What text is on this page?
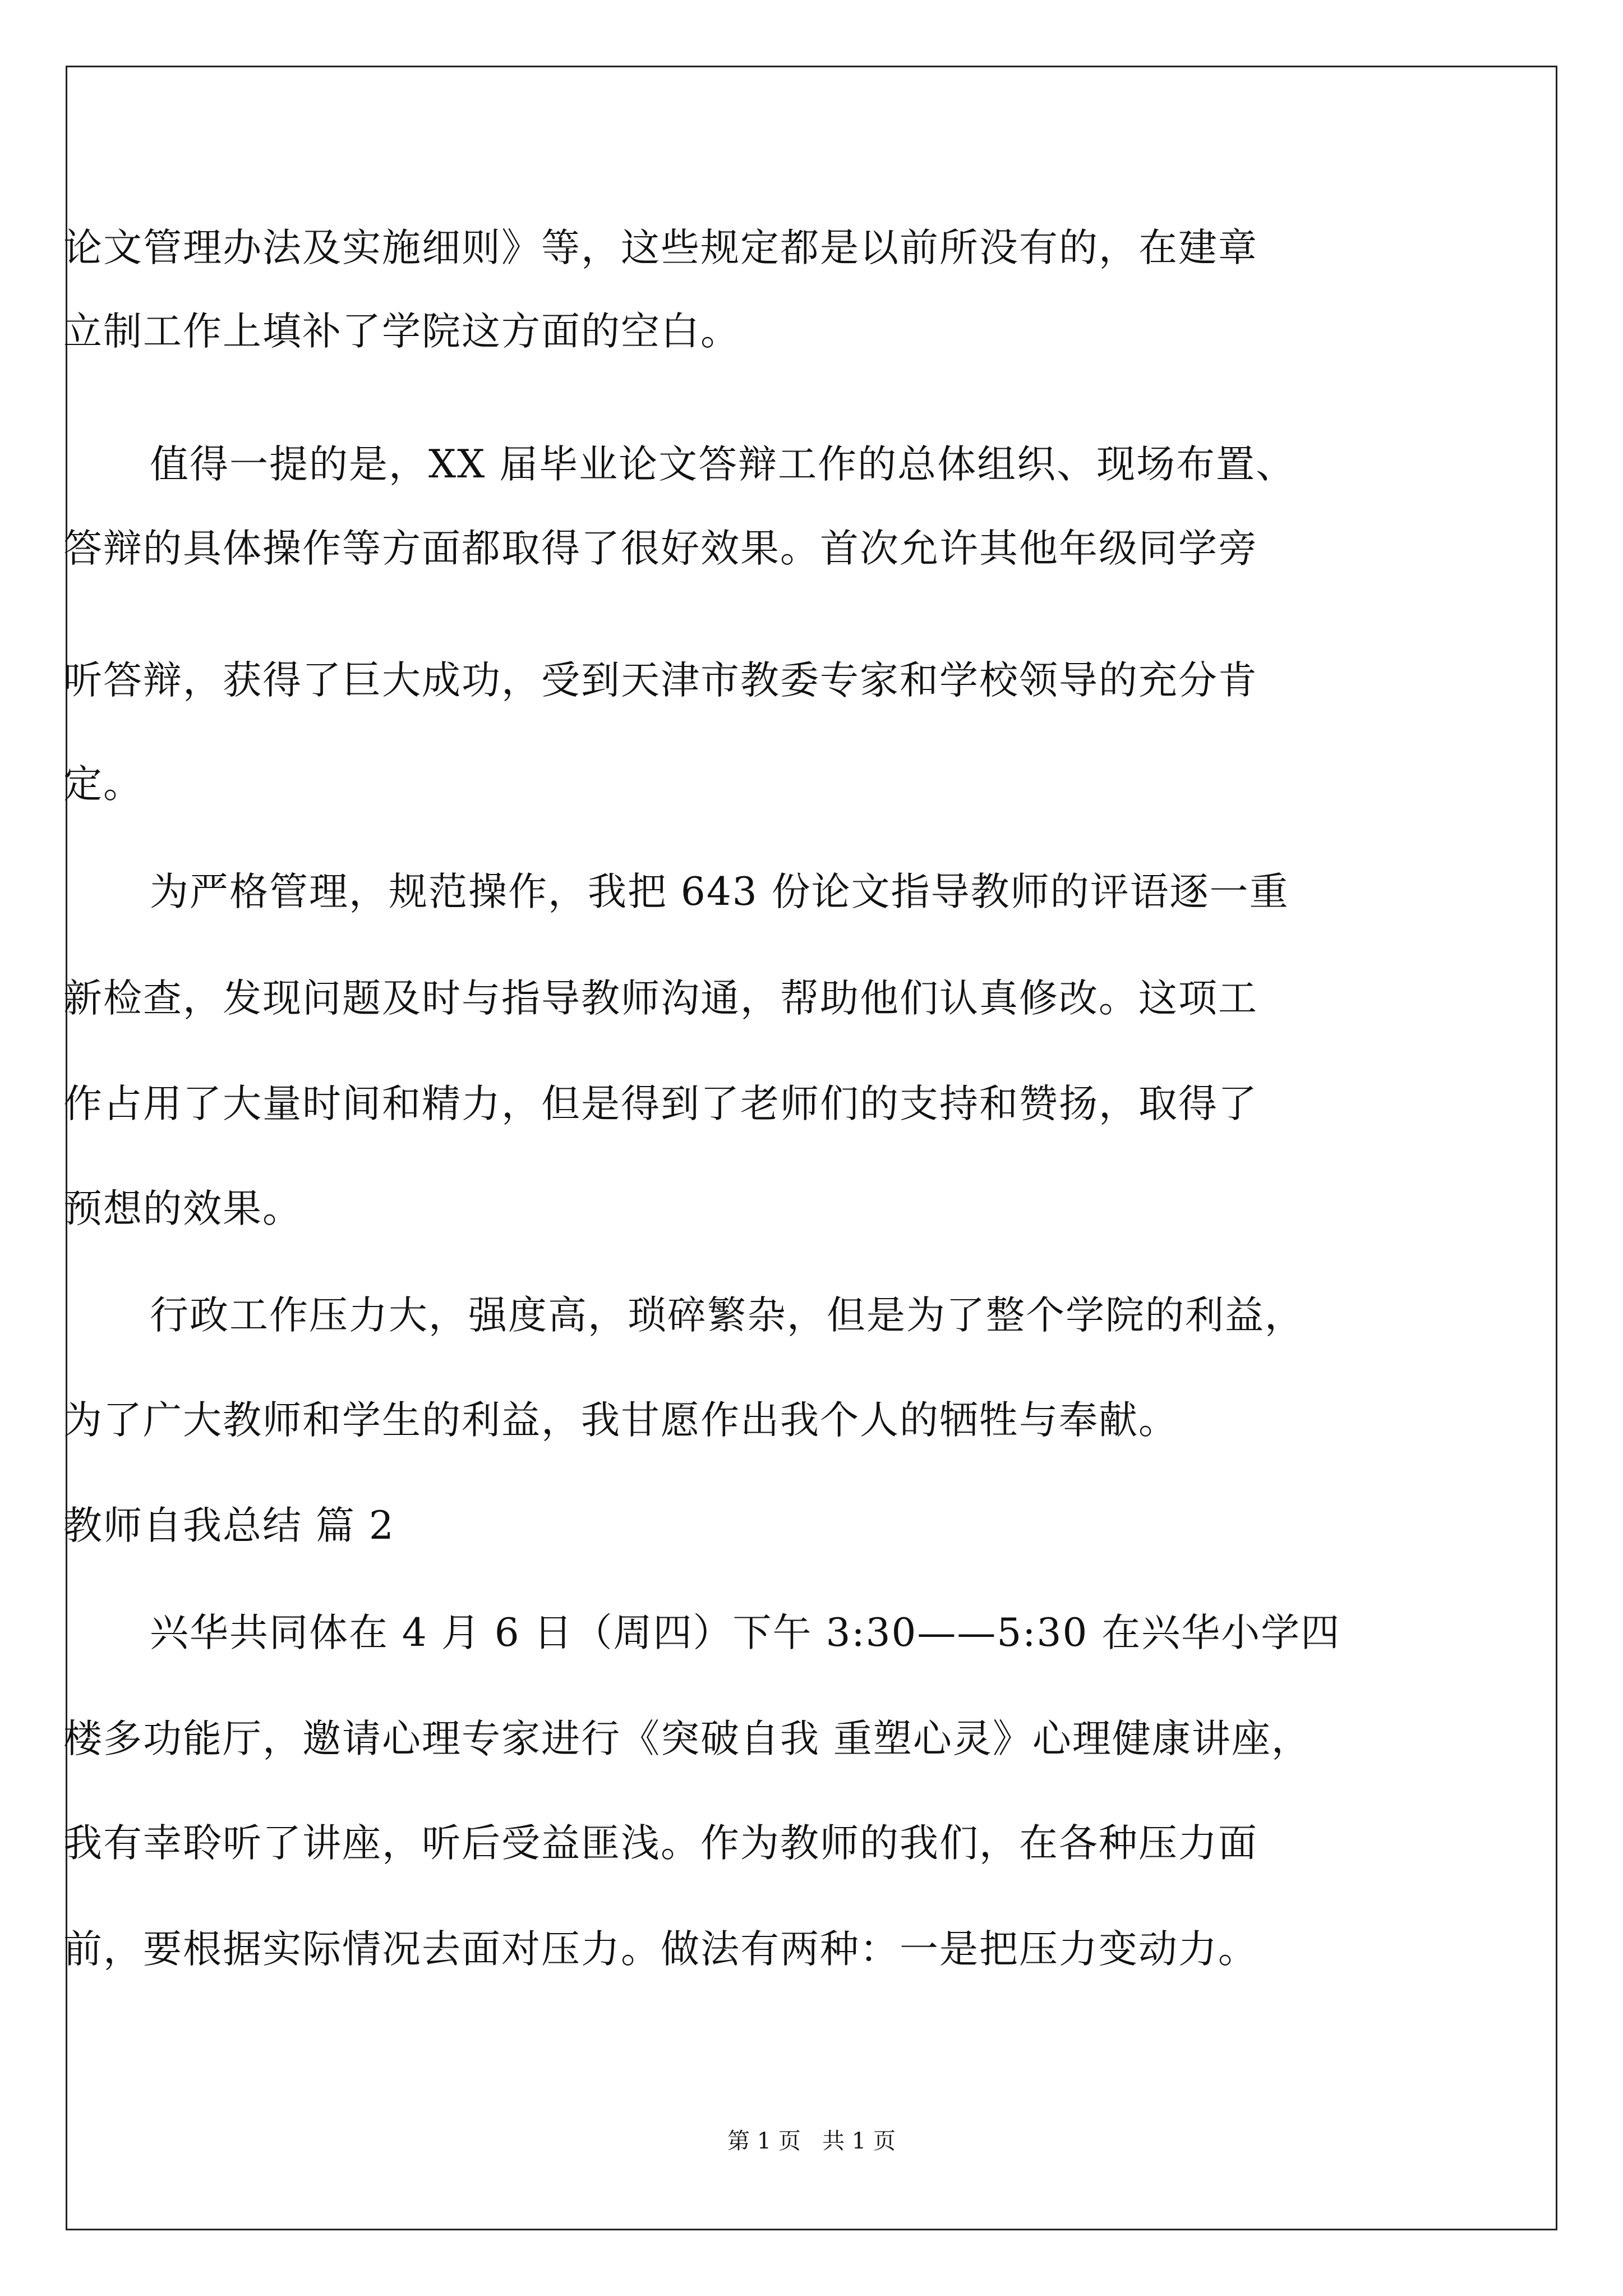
论文管理办法及实施细则》等，这些规定都是以前所没有的，在建章
立制工作上填补了学院这方面的空白。
值得一提的是，XX 届毕业论文答辩工作的总体组织、现场布置、
答辩的具体操作等方面都取得了很好效果。首次允许其他年级同学旁
听答辩，获得了巨大成功，受到天津市教委专家和学校领导的充分肯
定。
为严格管理，规范操作，我把 643 份论文指导教师的评语逐一重
新检查，发现问题及时与指导教师沟通，帮助他们认真修改。这项工
作占用了大量时间和精力，但是得到了老师们的支持和赞扬，取得了
预想的效果。
行政工作压力大，强度高，琐碎繁杂，但是为了整个学院的利益，
为了广大教师和学生的利益，我甘愿作出我个人的牺牲与奉献。
教师自我总结 篇 2
兴华共同体在 4 月 6 日（周四）下午 3:30——5:30 在兴华小学四
楼多功能厅，邀请心理专家进行《突破自我 重塑心灵》心理健康讲座，
我有幸聆听了讲座，听后受益匪浅。作为教师的我们，在各种压力面
前，要根据实际情况去面对压力。做法有两种：一是把压力变动力。
第 1 页   共 1 页
